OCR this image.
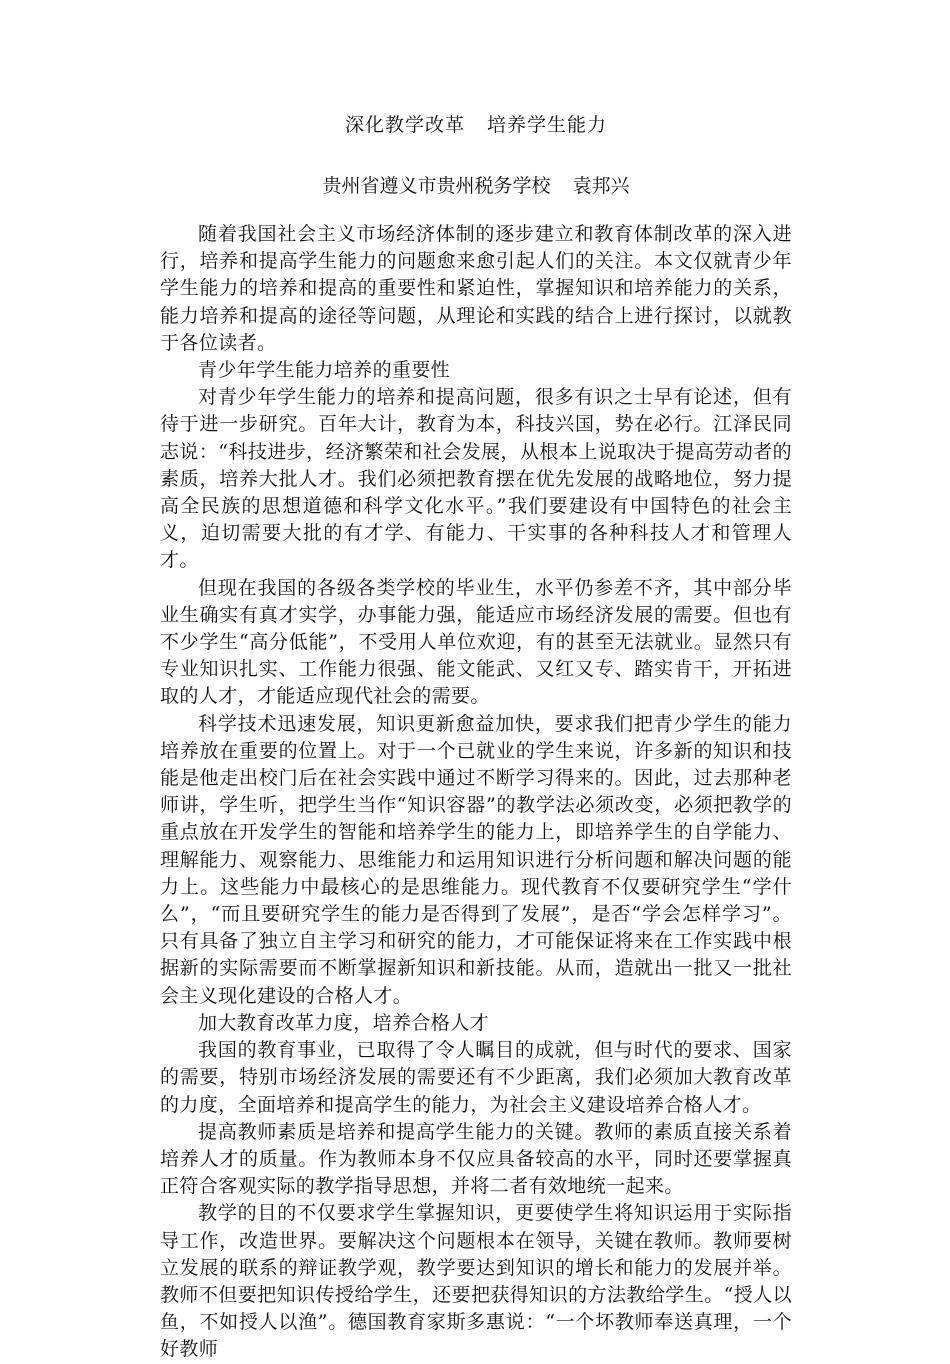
深化教学改革 培养学生能力
贵州省遵义市贵州税务学校 袁邦兴

随着我国社会主义市场经济体制的逐步建立和教育体制改革的深入进行，培养和提高学生能力的问题愈来愈引起人们的关注。本文仅就青少年学生能力的培养和提高的重要性和紧迫性，掌握知识和培养能力的关系，能力培养和提高的途径等问题，从理论和实践的结合上进行探讨，以就教于各位读者。

青少年学生能力培养的重要性

对青少年学生能力的培养和提高问题，很多有识之士早有论述，但有待于进一步研究。百年大计，教育为本，科技兴国，势在必行。江泽民同志说：“科技进步，经济繁荣和社会发展，从根本上说取决于提高劳动者的素质，培养大批人才。我们必须把教育摆在优先发展的战略地位，努力提高全民族的思想道德和科学文化水平。”我们要建设有中国特色的社会主义，迫切需要大批的有才学、有能力、干实事的各种科技人才和管理人才。

但现在我国的各级各类学校的毕业生，水平仍参差不齐，其中部分毕业生确实有真才实学，办事能力强，能适应市场经济发展的需要。但也有不少学生“高分低能”，不受用人单位欢迎，有的甚至无法就业。显然只有专业知识扎实、工作能力很强、能文能武、又红又专、踏实肯干，开拓进取的人才，才能适应现代社会的需要。

科学技术迅速发展，知识更新愈益加快，要求我们把青少学生的能力培养放在重要的位置上。对于一个已就业的学生来说，许多新的知识和技能是他走出校门后在社会实践中通过不断学习得来的。因此，过去那种老师讲，学生听，把学生当作“知识容器”的教学法必须改变，必须把教学的重点放在开发学生的智能和培养学生的能力上，即培养学生的自学能力、理解能力、观察能力、思维能力和运用知识进行分析问题和解决问题的能力上。这些能力中最核心的是思维能力。现代教育不仅要研究学生“学什么”，“而且要研究学生的能力是否得到了发展”，是否“学会怎样学习”。只有具备了独立自主学习和研究的能力，才可能保证将来在工作实践中根据新的实际需要而不断掌握新知识和新技能。从而，造就出一批又一批社会主义现化建设的合格人才。

加大教育改革力度，培养合格人才

我国的教育事业，已取得了令人瞩目的成就，但与时代的要求、国家的需要，特别市场经济发展的需要还有不少距离，我们必须加大教育改革的力度，全面培养和提高学生的能力，为社会主义建设培养合格人才。

提高教师素质是培养和提高学生能力的关键。教师的素质直接关系着培养人才的质量。作为教师本身不仅应具备较高的水平，同时还要掌握真正符合客观实际的教学指导思想，并将二者有效地统一起来。

教学的目的不仅要求学生掌握知识，更要使学生将知识运用于实际指导工作，改造世界。要解决这个问题根本在领导，关键在教师。教师要树立发展的联系的辩证教学观，教学要达到知识的增长和能力的发展并举。教师不但要把知识传授给学生，还要把获得知识的方法教给学生。“授人以鱼，不如授人以渔”。德国教育家斯多惠说：“一个坏教师奉送真理，一个好教师
